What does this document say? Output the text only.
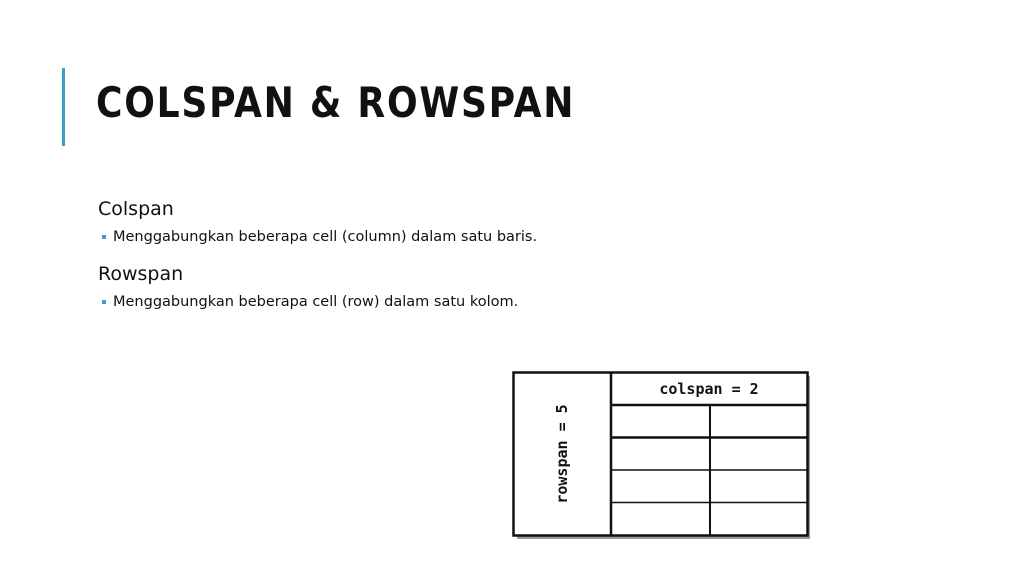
COLSPAN & ROWSPAN

Colspan

Menggabungkan beberapa cell (column) dalam satu baris.

Rowspan

Menggabungkan beberapa cell (row) dalam satu kolom.
colspan = 2
rowspan = 5
